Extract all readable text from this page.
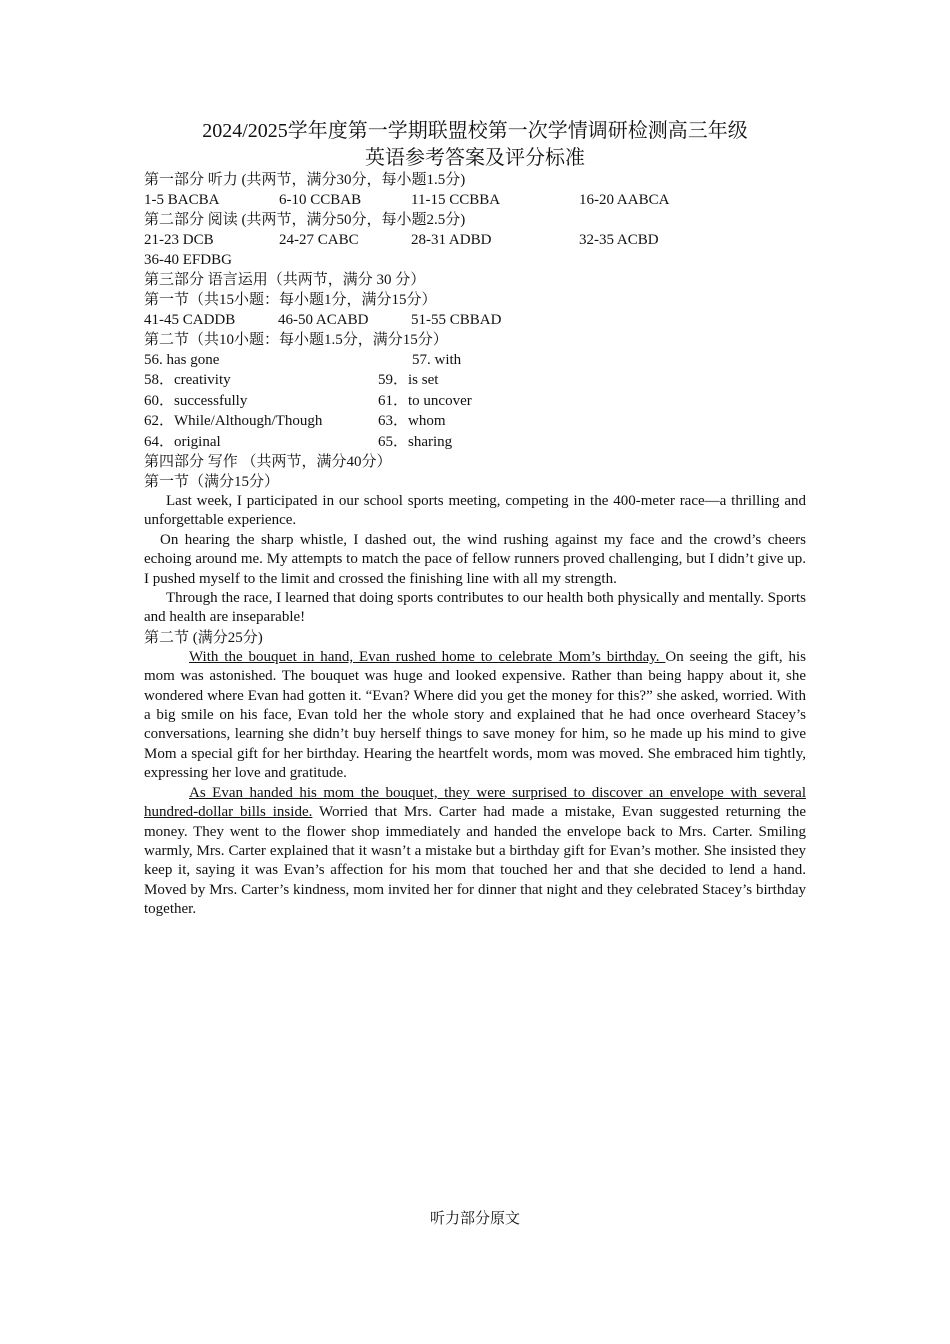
2024/2025学年度第一学期联盟校第一次学情调研检测高三年级
英语参考答案及评分标准
第一部分 听力 (共两节，满分30分，每小题1.5分)
1-5 BACBA	6-10 CCBAB	11-15 CCBBA	16-20 AABCA
第二部分 阅读 (共两节，满分50分，每小题2.5分)
21-23 DCB	24-27 CABC	28-31 ADBD	32-35 ACBD
36-40 EFDBG
第三部分 语言运用（共两节，满分 30 分）
第一节（共15小题：每小题1分，满分15分）
41-45 CADDB	46-50 ACABD	51-55 CBBAD
第二节（共10小题：每小题1.5分，满分15分）
56. has gone	57. with
58．creativity	59．is set
60．successfully	61．to uncover
62．While/Although/Though	63．whom
64．original	65．sharing
第四部分 写作 （共两节，满分40分）
第一节（满分15分）

Last week, I participated in our school sports meeting, competing in the 400-meter race—a thrilling and unforgettable experience.

On hearing the sharp whistle, I dashed out, the wind rushing against my face and the crowd’s cheers echoing around me. My attempts to match the pace of fellow runners proved challenging, but I didn’t give up. I pushed myself to the limit and crossed the finishing line with all my strength.

Through the race, I learned that doing sports contributes to our health both physically and mentally. Sports and health are inseparable!

第二节 (满分25分)

With the bouquet in hand, Evan rushed home to celebrate Mom’s birthday. On seeing the gift, his mom was astonished. The bouquet was huge and looked expensive. Rather than being happy about it, she wondered where Evan had gotten it. “Evan? Where did you get the money for this?” she asked, worried. With a big smile on his face, Evan told her the whole story and explained that he had once overheard Stacey’s conversations, learning she didn’t buy herself things to save money for him, so he made up his mind to give Mom a special gift for her birthday. Hearing the heartfelt words, mom was moved. She embraced him tightly, expressing her love and gratitude.

As Evan handed his mom the bouquet, they were surprised to discover an envelope with several hundred-dollar bills inside. Worried that Mrs. Carter had made a mistake, Evan suggested returning the money. They went to the flower shop immediately and handed the envelope back to Mrs. Carter. Smiling warmly, Mrs. Carter explained that it wasn’t a mistake but a birthday gift for Evan’s mother. She insisted they keep it, saying it was Evan’s affection for his mom that touched her and that she decided to lend a hand. Moved by Mrs. Carter’s kindness, mom invited her for dinner that night and they celebrated Stacey’s birthday together.

听力部分原文
